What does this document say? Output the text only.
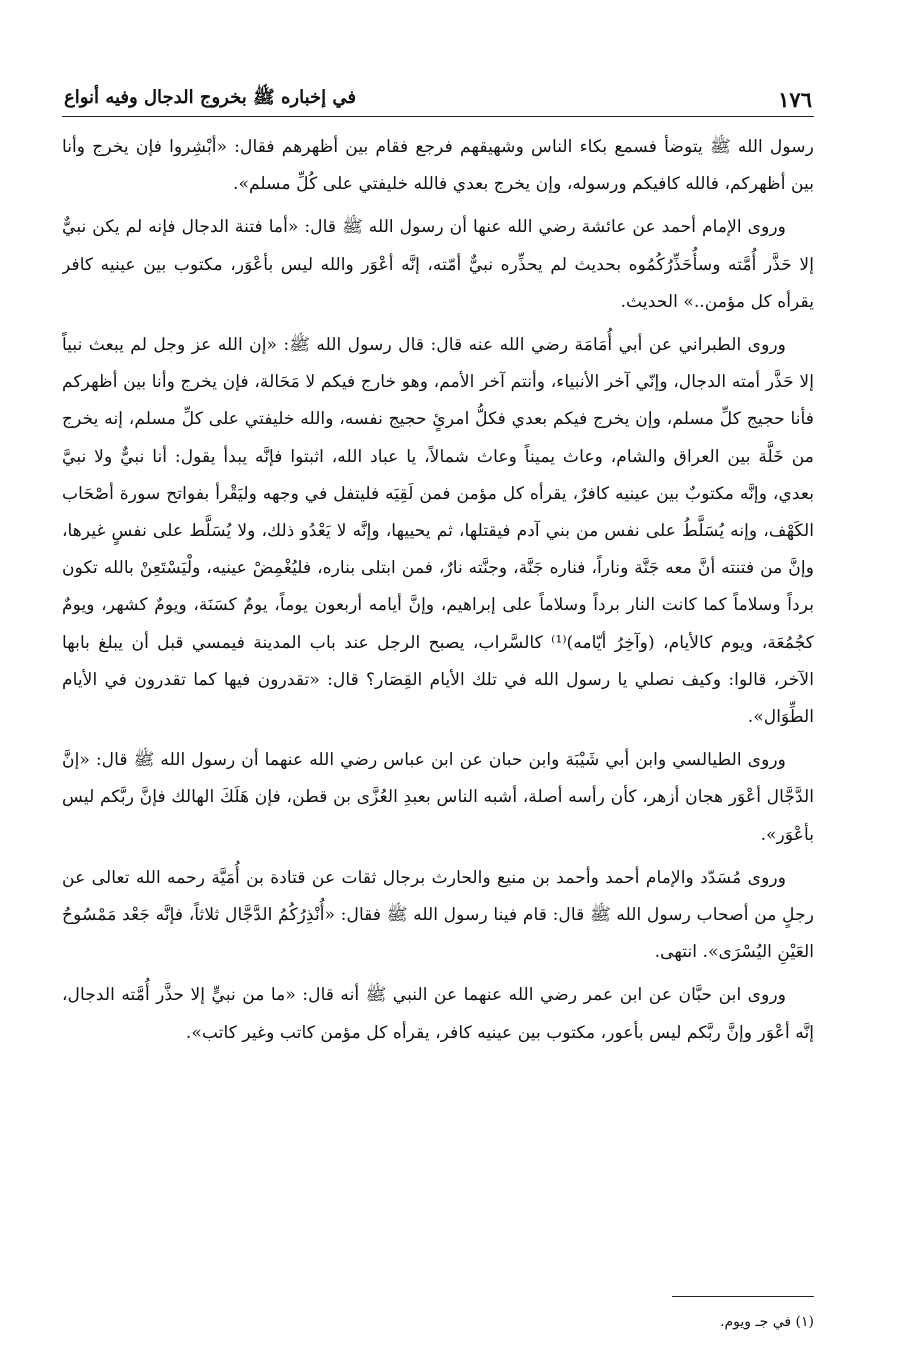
١٧٦
في إخباره ﷺ بخروج الدجال وفيه أنواع

رسول الله ﷺ يتوضأ فسمع بكاء الناس وشهيقهم فرجع فقام بين أظهرهم فقال: «أبْشِروا فإن يخرج وأنا بين أظهركم، فالله كافيكم ورسوله، وإن يخرج بعدي فالله خليفتي على كُلِّ مسلم».

وروى الإمام أحمد عن عائشة رضي الله عنها أن رسول الله ﷺ قال: «أما فتنة الدجال فإنه لم يكن نبيٌّ إلا حَذَّر أُمَّته وسأُحَذِّرُكُمُوه بحديث لم يحذِّره نبيٌّ أمّته، إنَّه أعْوَر والله ليس بأعْوَر، مكتوب بين عينيه كافر يقرأه كل مؤمن..» الحديث.

وروى الطبراني عن أبي أُمَامَة رضي الله عنه قال: قال رسول الله ﷺ: «إن الله عز وجل لم يبعث نبياً إلا حَذَّر أمته الدجال، وإنّي آخر الأنبياء، وأنتم آخر الأمم، وهو خارج فيكم لا مَحَالة، فإن يخرج وأنا بين أظهركم فأنا حجيج كلِّ مسلم، وإن يخرج فيكم بعدي فكلُّ امرئٍ حجيج نفسه، والله خليفتي على كلِّ مسلم، إنه يخرج من خَلَّة بين العراق والشام، وعاث يميناً وعاث شمالاً، يا عباد الله، اثبتوا فإنَّه يبدأ يقول: أنا نبيٌّ ولا نبيَّ بعدي، وإنَّه مكتوبٌ بين عينيه كافرٌ، يقرأه كل مؤمن فمن لَقِيَه فليتفل في وجهه وليَقْرأ بفواتح سورة أصْحَاب الكَهْف، وإنه يُسَلَّطُ على نفس من بني آدم فيقتلها، ثم يحييها، وإنَّه لا يَعْدُو ذلك، ولا يُسَلَّط على نفسٍ غيرها، وإنَّ من فتنته أنَّ معه جَنَّة وناراً، فناره جَنَّة، وجنَّته نارٌ، فمن ابتلى بناره، فليُغْمِضْ عينيه، ولْيَسْتَعِنْ بالله تكون برداً وسلاماً كما كانت النار برداً وسلاماً على إبراهيم، وإنَّ أيامه أربعون يوماً، يومٌ كسَنَة، ويومٌ كشهر، ويومٌ كجُمُعَة، ويوم كالأيام، (وآخِرُ أيّامه)⁽¹⁾ كالسَّراب، يصبح الرجل عند باب المدينة فيمسي قبل أن يبلغ بابها الآخر، قالوا: وكيف نصلي يا رسول الله في تلك الأيام القِصَار؟ قال: «تقدرون فيها كما تقدرون في الأيام الطِّوَال».

وروى الطيالسي وابن أبي شَيْبَة وابن حبان عن ابن عباس رضي الله عنهما أن رسول الله ﷺ قال: «إنَّ الدَّجَّال أعْوَر هجان أزهر، كأن رأسه أصلة، أشبه الناس بعبدِ العُزَّى بن قطن، فإن هَلَكَ الهالك فإنَّ ربَّكم ليس بأعْوَر».

وروى مُسَدّد والإمام أحمد وأحمد بن منيع والحارث برجال ثقات عن قتادة بن أُمَيَّة رحمه الله تعالى عن رجلٍ من أصحاب رسول الله ﷺ قال: قام فينا رسول الله ﷺ فقال: «أُنْذِرُكُمُ الدَّجَّال ثلاثاً، فإنَّه جَعْد مَمْسُوحُ العَيْنِ اليُسْرَى». انتهى.

وروى ابن حبَّان عن ابن عمر رضي الله عنهما عن النبي ﷺ أنه قال: «ما من نبيٍّ إلا حذَّر أُمَّته الدجال، إنَّه أعْوَر وإنَّ ربَّكم ليس بأعور، مكتوب بين عينيه كافر، يقرأه كل مؤمن كاتب وغير كاتب».

(١) في جـ ويوم.
